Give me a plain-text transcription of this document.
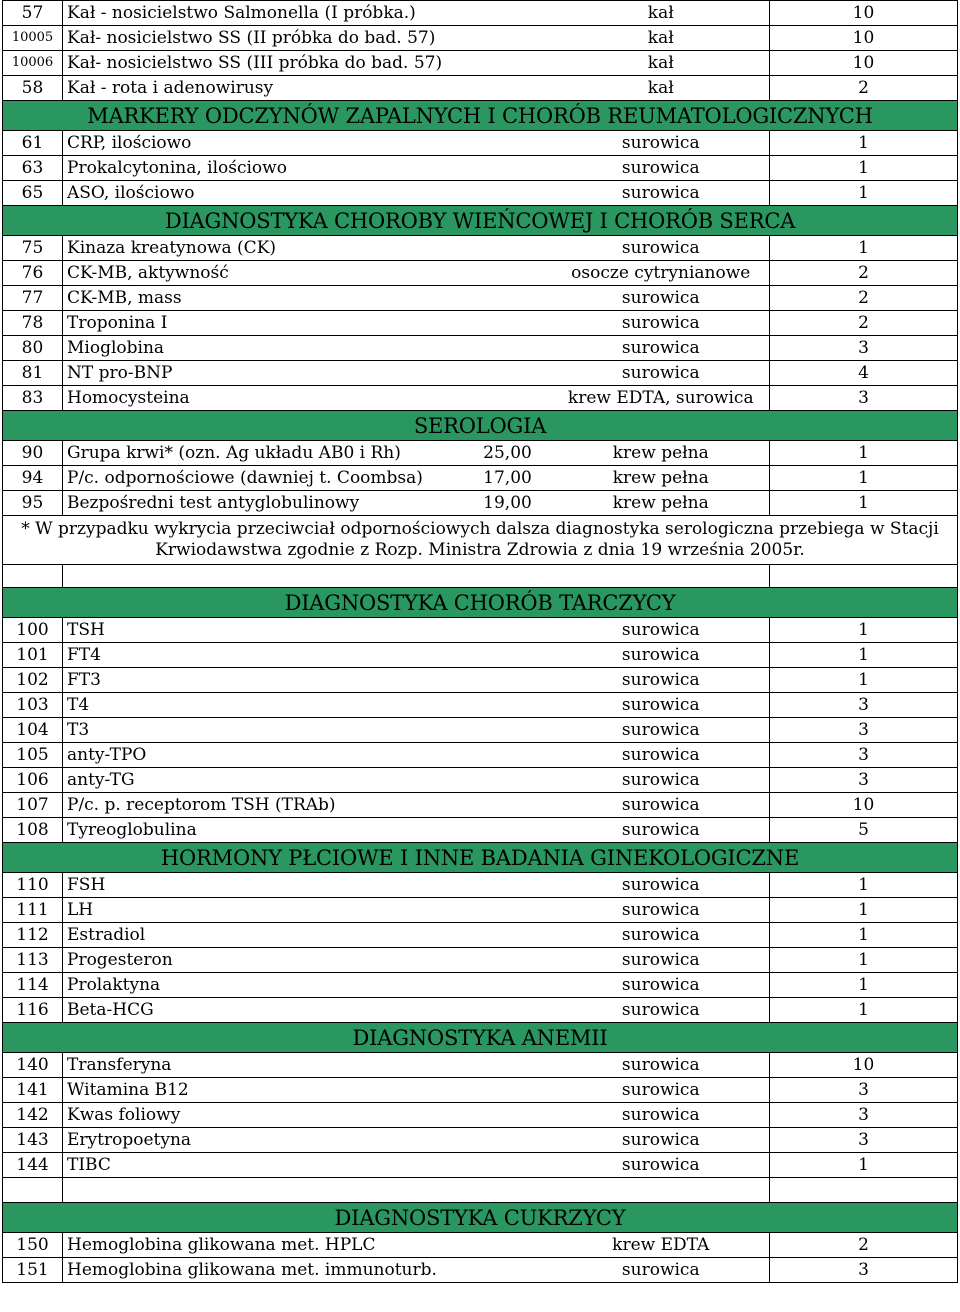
57	Kał - nosicielstwo Salmonella (I próbka.)		kał	10
10005	Kał- nosicielstwo SS (II próbka do bad. 57)		kał	10
10006	Kał- nosicielstwo SS (III próbka do bad. 57)		kał	10
58	Kał - rota i adenowirusy		kał	2
MARKERY ODCZYNÓW ZAPALNYCH I CHORÓB REUMATOLOGICZNYCH				
61	CRP, ilościowo		surowica	1
63	Prokalcytonina, ilościowo		surowica	1
65	ASO, ilościowo		surowica	1
DIAGNOSTYKA CHOROBY WIEŃCOWEJ I CHORÓB SERCA				
75	Kinaza kreatynowa (CK)		surowica	1
76	CK-MB, aktywność		osocze cytrynianowe	2
77	CK-MB, mass		surowica	2
78	Troponina I		surowica	2
80	Mioglobina		surowica	3
81	NT pro-BNP		surowica	4
83	Homocysteina		krew EDTA, surowica	3
SEROLOGIA				
90	Grupa krwi* (ozn. Ag układu AB0 i Rh)	25,00	krew pełna	1
94	P/c. odpornościowe (dawniej t. Coombsa)	17,00	krew pełna	1
95	Bezpośredni test antyglobulinowy	19,00	krew pełna	1
* W przypadku wykrycia przeciwciał odpornościowych dalsza diagnostyka serologiczna przebiega w Stacji Krwiodawstwa zgodnie z Rozp. Ministra Zdrowia z dnia 19 września 2005r.				

DIAGNOSTYKA CHORÓB TARCZYCY				
100	TSH		surowica	1
101	FT4		surowica	1
102	FT3		surowica	1
103	T4		surowica	3
104	T3		surowica	3
105	anty-TPO		surowica	3
106	anty-TG		surowica	3
107	P/c. p. receptorom TSH (TRAb)		surowica	10
108	Tyreoglobulina		surowica	5
HORMONY PŁCIOWE I INNE BADANIA GINEKOLOGICZNE				
110	FSH		surowica	1
111	LH		surowica	1
112	Estradiol		surowica	1
113	Progesteron		surowica	1
114	Prolaktyna		surowica	1
116	Beta-HCG		surowica	1
DIAGNOSTYKA ANEMII				
140	Transferyna		surowica	10
141	Witamina B12		surowica	3
142	Kwas foliowy		surowica	3
143	Erytropoetyna		surowica	3
144	TIBC		surowica	1

DIAGNOSTYKA CUKRZYCY				
150	Hemoglobina glikowana met. HPLC		krew EDTA	2
151	Hemoglobina glikowana met. immunoturb.		surowica	3
